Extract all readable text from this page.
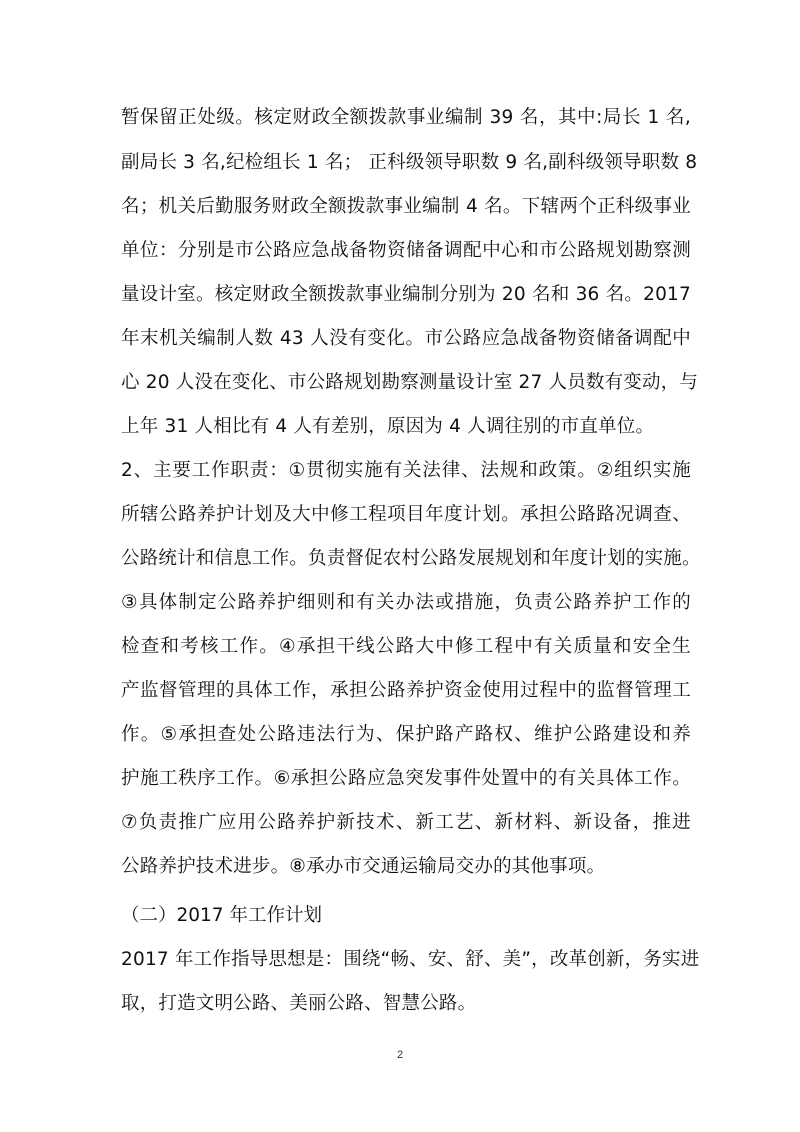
暂保留正处级。核定财政全额拨款事业编制 39 名，其中:局长 1 名,
副局长 3 名,纪检组长 1 名； 正科级领导职数 9 名,副科级领导职数 8
名；机关后勤服务财政全额拨款事业编制 4 名。下辖两个正科级事业
单位：分别是市公路应急战备物资储备调配中心和市公路规划勘察测
量设计室。核定财政全额拨款事业编制分别为 20 名和 36 名。2017
年末机关编制人数 43 人没有变化。市公路应急战备物资储备调配中
心 20 人没在变化、市公路规划勘察测量设计室 27 人员数有变动，与
上年 31 人相比有 4 人有差别，原因为 4 人调往别的市直单位。
2、主要工作职责：①贯彻实施有关法律、法规和政策。②组织实施
所辖公路养护计划及大中修工程项目年度计划。承担公路路况调查、
公路统计和信息工作。负责督促农村公路发展规划和年度计划的实施。
③具体制定公路养护细则和有关办法或措施，负责公路养护工作的
检查和考核工作。④承担干线公路大中修工程中有关质量和安全生
产监督管理的具体工作，承担公路养护资金使用过程中的监督管理工
作。⑤承担查处公路违法行为、保护路产路权、维护公路建设和养
护施工秩序工作。⑥承担公路应急突发事件处置中的有关具体工作。
⑦负责推广应用公路养护新技术、新工艺、新材料、新设备，推进
公路养护技术进步。⑧承办市交通运输局交办的其他事项。
（二）2017 年工作计划
2017 年工作指导思想是：围绕“畅、安、舒、美”，改革创新，务实进
取，打造文明公路、美丽公路、智慧公路。
2
